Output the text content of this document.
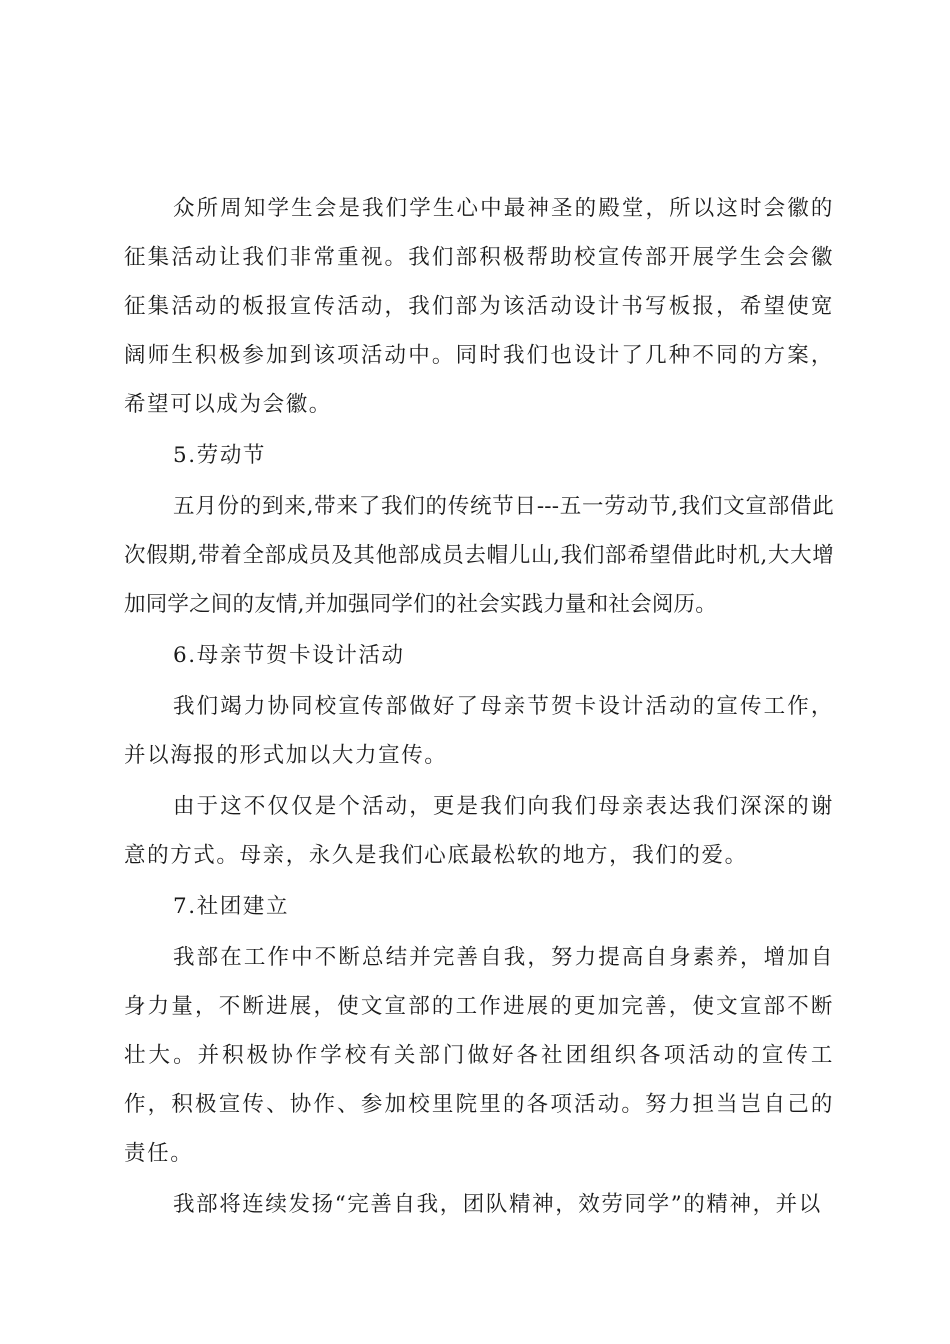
众所周知学生会是我们学生心中最神圣的殿堂，所以这时会徽的征集活动让我们非常重视。我们部积极帮助校宣传部开展学生会会徽征集活动的板报宣传活动，我们部为该活动设计书写板报，希望使宽阔师生积极参加到该项活动中。同时我们也设计了几种不同的方案，希望可以成为会徽。

5.劳动节

五月份的到来,带来了我们的传统节日---五一劳动节,我们文宣部借此次假期,带着全部成员及其他部成员去帽儿山,我们部希望借此时机,大大增加同学之间的友情,并加强同学们的社会实践力量和社会阅历。

6.母亲节贺卡设计活动

我们竭力协同校宣传部做好了母亲节贺卡设计活动的宣传工作，并以海报的形式加以大力宣传。

由于这不仅仅是个活动，更是我们向我们母亲表达我们深深的谢意的方式。母亲，永久是我们心底最松软的地方，我们的爱。

7.社团建立

我部在工作中不断总结并完善自我，努力提高自身素养，增加自身力量，不断进展，使文宣部的工作进展的更加完善，使文宣部不断壮大。并积极协作学校有关部门做好各社团组织各项活动的宣传工作，积极宣传、协作、参加校里院里的各项活动。努力担当岂自己的责任。

我部将连续发扬“完善自我，团队精神，效劳同学”的精神，并以
